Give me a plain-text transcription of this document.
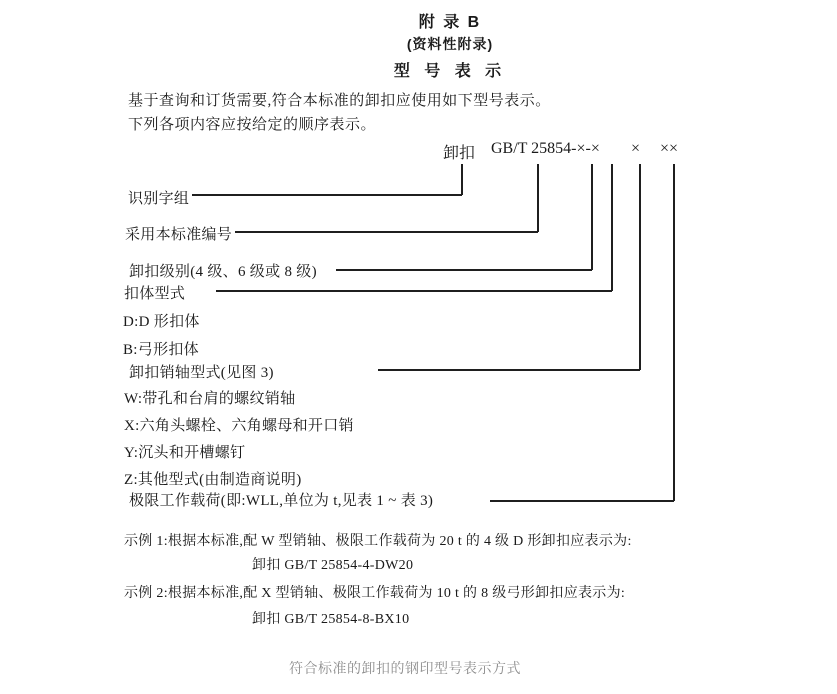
附 录 B
(资料性附录)
型 号 表 示
基于查询和订货需要,符合本标准的卸扣应使用如下型号表示。
下列各项内容应按给定的顺序表示。
卸扣 GB/T 25854-×-× × ××
识别字组
采用本标准编号
卸扣级别(4 级、6 级或 8 级)
扣体型式
D:D 形扣体
B:弓形扣体
卸扣销轴型式(见图 3)
W:带孔和台肩的螺纹销轴
X:六角头螺栓、六角螺母和开口销
Y:沉头和开槽螺钉
Z:其他型式(由制造商说明)
极限工作载荷(即:WLL,单位为 t,见表 1 ~ 表 3)
示例 1:根据本标准,配 W 型销轴、极限工作载荷为 20 t 的 4 级 D 形卸扣应表示为:
卸扣 GB/T 25854-4-DW20
示例 2:根据本标准,配 X 型销轴、极限工作载荷为 10 t 的 8 级弓形卸扣应表示为:
卸扣 GB/T 25854-8-BX10
符合标准的卸扣的钢印型号表示方式
